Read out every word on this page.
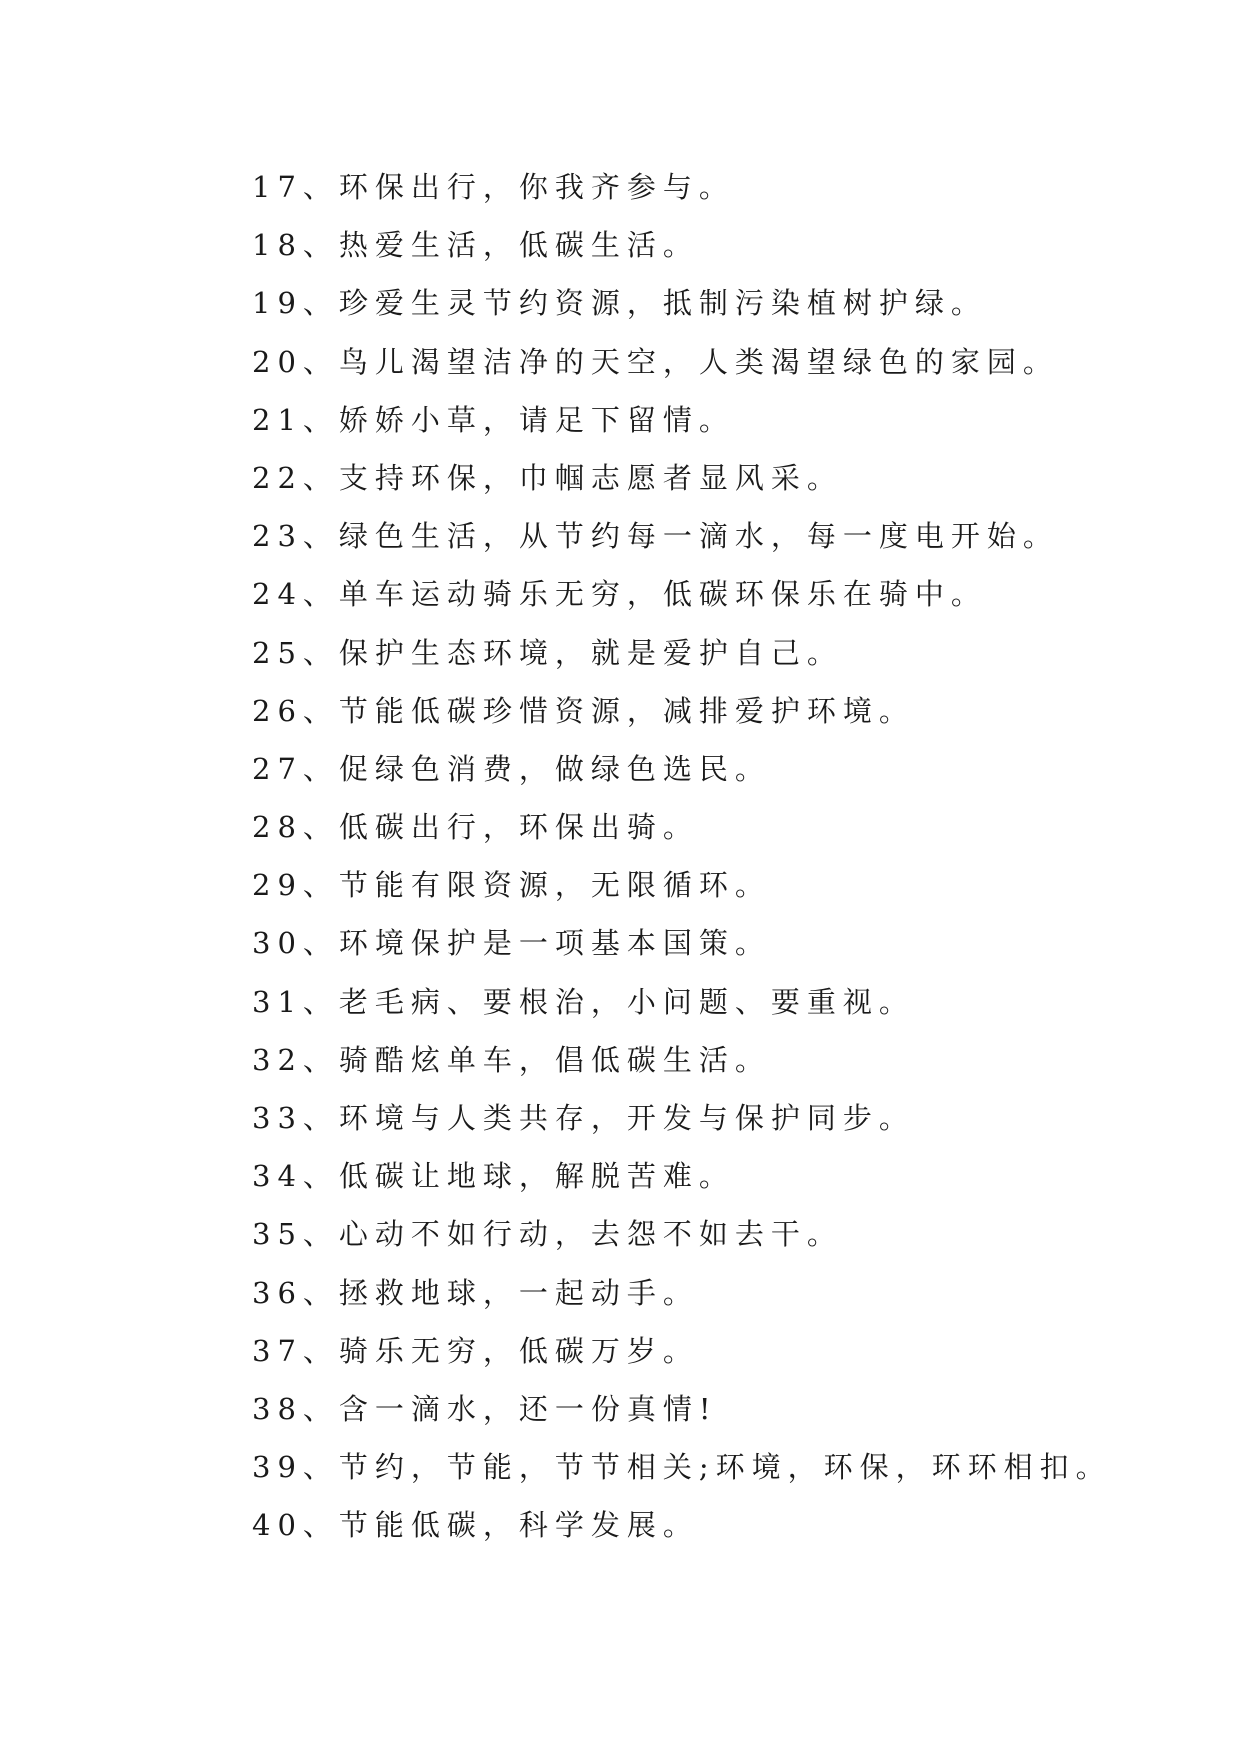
17、环保出行，你我齐参与。
18、热爱生活，低碳生活。
19、珍爱生灵节约资源，抵制污染植树护绿。
20、鸟儿渴望洁净的天空，人类渴望绿色的家园。
21、娇娇小草，请足下留情。
22、支持环保，巾帼志愿者显风采。
23、绿色生活，从节约每一滴水，每一度电开始。
24、单车运动骑乐无穷，低碳环保乐在骑中。
25、保护生态环境，就是爱护自己。
26、节能低碳珍惜资源，减排爱护环境。
27、促绿色消费，做绿色选民。
28、低碳出行，环保出骑。
29、节能有限资源，无限循环。
30、环境保护是一项基本国策。
31、老毛病、要根治，小问题、要重视。
32、骑酷炫单车，倡低碳生活。
33、环境与人类共存，开发与保护同步。
34、低碳让地球，解脱苦难。
35、心动不如行动，去怨不如去干。
36、拯救地球，一起动手。
37、骑乐无穷，低碳万岁。
38、含一滴水，还一份真情!
39、节约，节能，节节相关;环境，环保，环环相扣。
40、节能低碳，科学发展。
